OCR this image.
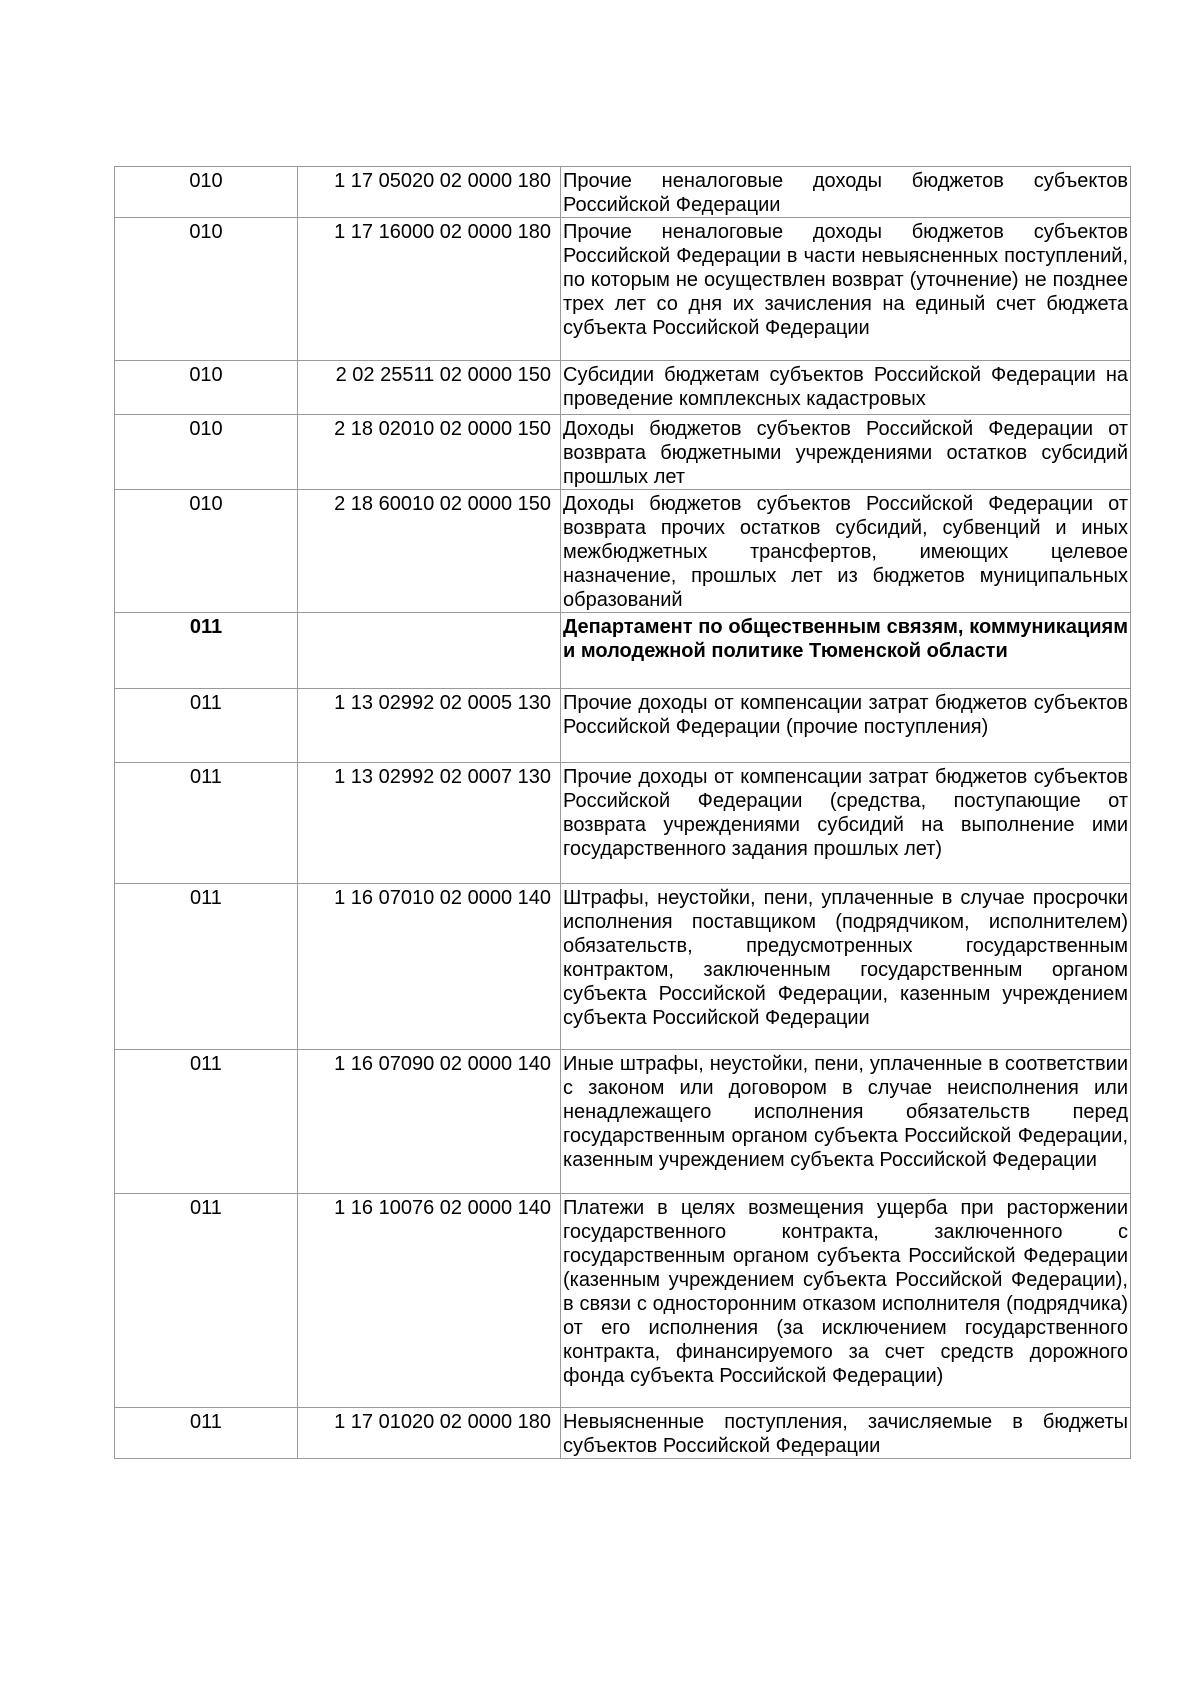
010	1 17 05020 02 0000 180	Прочие неналоговые доходы бюджетов субъектов Российской Федерации
010	1 17 16000 02 0000 180	Прочие неналоговые доходы бюджетов субъектов Российской Федерации в части невыясненных поступлений, по которым не осуществлен возврат (уточнение) не позднее трех лет со дня их зачисления на единый счет бюджета субъекта Российской Федерации
010	2 02 25511 02 0000 150	Субсидии бюджетам субъектов Российской Федерации на проведение комплексных кадастровых
010	2 18 02010 02 0000 150	Доходы бюджетов субъектов Российской Федерации от возврата бюджетными учреждениями остатков субсидий прошлых лет
010	2 18 60010 02 0000 150	Доходы бюджетов субъектов Российской Федерации от возврата прочих остатков субсидий, субвенций и иных межбюджетных трансфертов, имеющих целевое назначение, прошлых лет из бюджетов муниципальных образований
011		Департамент по общественным связям, коммуникациям и молодежной политике Тюменской области
011	1 13 02992 02 0005 130	Прочие доходы от компенсации затрат бюджетов субъектов Российской Федерации (прочие поступления)
011	1 13 02992 02 0007 130	Прочие доходы от компенсации затрат бюджетов субъектов Российской Федерации (средства, поступающие от возврата учреждениями субсидий на выполнение ими государственного задания прошлых лет)
011	1 16 07010 02 0000 140	Штрафы, неустойки, пени, уплаченные в случае просрочки исполнения поставщиком (подрядчиком, исполнителем) обязательств, предусмотренных государственным контрактом, заключенным государственным органом субъекта Российской Федерации, казенным учреждением субъекта Российской Федерации
011	1 16 07090 02 0000 140	Иные штрафы, неустойки, пени, уплаченные в соответствии с законом или договором в случае неисполнения или ненадлежащего исполнения обязательств перед государственным органом субъекта Российской Федерации, казенным учреждением субъекта Российской Федерации
011	1 16 10076 02 0000 140	Платежи в целях возмещения ущерба при расторжении государственного контракта, заключенного с государственным органом субъекта Российской Федерации (казенным учреждением субъекта Российской Федерации), в связи с односторонним отказом исполнителя (подрядчика) от его исполнения (за исключением государственного контракта, финансируемого за счет средств дорожного фонда субъекта Российской Федерации)
011	1 17 01020 02 0000 180	Невыясненные поступления, зачисляемые в бюджеты субъектов Российской Федерации
